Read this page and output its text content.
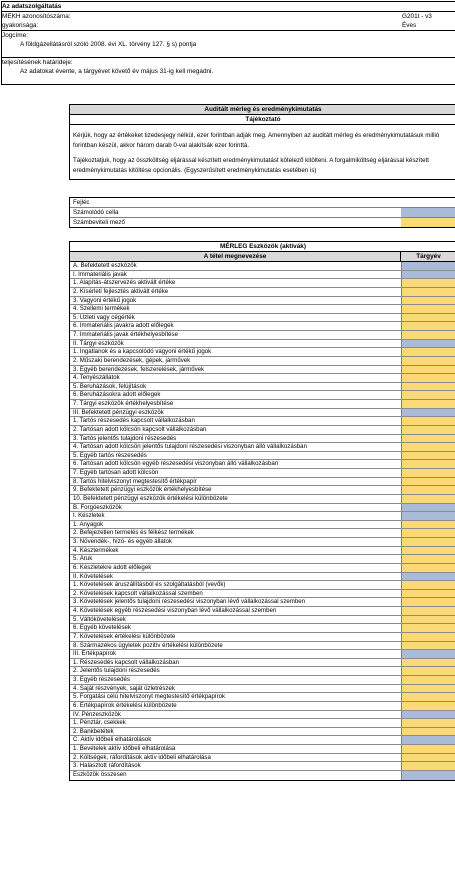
Az adatszolgáltatás
MEKH azonosítószáma:	G201t - v3
gyakorisága:	Éves
Jogcíme:
A földgázellátásról szóló 2008. évi XL. törvény 127. § s) pontja
teljesítésének határideje:
Az adatokat évente, a tárgyévet követő év május 31-ig kell megadni.
Auditált mérleg és eredménykimutatás
Tájékoztató

Kérjük, hogy az értékeket tizedesjegy nélkül, ezer forintban adják meg. Amennyiben az auditált mérleg és eredménykimutatásuk millió forintban készül, akkor három darab 0-val alakítsák ezer forinttá.

Tájékoztatjuk, hogy az összköltség eljárással készített eredménykimutatást kötelező kitölteni. A forgalmiköltség eljárással készített eredménykimutatás kitöltése opcionális. (Egyszerűsített eredménykimutatás esetében is)

Fejléc
Számolódó cella
Számbeviteli mező
MÉRLEG Eszközök (aktívák)
A tétel megnevezése	Tárgyév
A. Befektetett eszközök
I. Immateriális javak
1. Alapítás-átszervezés aktivált értéke
2. Kísérleti fejlesztés aktivált értéke
3. Vagyoni értékű jogok
4. Szellemi termékek
5. Üzleti vagy cégérték
6. Immateriális javakra adott előlegek
7. Immateriális javak értékhelyesbítése
II. Tárgyi eszközök
1. Ingatlanok és a kapcsolódó vagyoni értékű jogok
2. Műszaki berendezések, gépek, járművek
3. Egyéb berendezések, felszerelések, járművek
4. Tenyészállatok
5. Beruházások, felújítások
6. Beruházásokra adott előlegek
7. Tárgyi eszközök értékhelyesbítése
III. Befektetett pénzügyi eszközök
1. Tartós részesedés kapcsolt vállalkozásban
2. Tartósan adott kölcsön kapcsolt vállalkozásban
3. Tartós jelentős tulajdoni részesedés
4. Tartósan adott kölcsön jelentős tulajdoni részesedési viszonyban álló vállalkozásban
5. Egyéb tartós részesedés
6. Tartósan adott kölcsön egyéb részesedési viszonyban álló vállalkozásban
7. Egyéb tartósan adott kölcsön
8. Tartós hitelviszonyt megtestesítő értékpapír
9. Befektetett pénzügyi eszközök értékhelyesbítése
10. Befektetett pénzügyi eszközök értékelési különbözete
B. Forgóeszközök
I. Készletek
1. Anyagok
2. Befejezetlen termelés és félkész termékek
3. Növendék-, hízó- és egyéb állatok
4. Késztermékek
5. Áruk
6. Készletekre adott előlegek
II. Követelések
1. Követelések áruszállításból és szolgáltatásból (vevők)
2. Követelések kapcsolt vállalkozással szemben
3. Követelések jelentős tulajdoni részesedési viszonyban lévő vállalkozással szemben
4. Követelések egyéb részesedési viszonyban lévő vállalkozással szemben
5. Váltókövetelések
6. Egyéb követelések
7. Követelések értékelési különbözete
8. Származékos ügyletek pozitív értékelési különbözete
III. Értékpapírok
1. Részesedés kapcsolt vállalkozásban
2. Jelentős tulajdoni részesedés
3. Egyéb részesedés
4. Saját részvények, saját üzletrészek
5. Forgatási célú hitelviszonyt megtestesítő értékpapírok
6. Értékpapírok értékelési különbözete
IV. Pénzeszközök
1. Pénztár, csekkek
2. Bankbetétek
C. Aktív időbeli elhatárolások
1. Bevételek aktív időbeli elhatárolása
2. Költségek, ráfordítások aktív időbeli elhatárolása
3. Halasztott ráfordítások
Eszközök összesen
